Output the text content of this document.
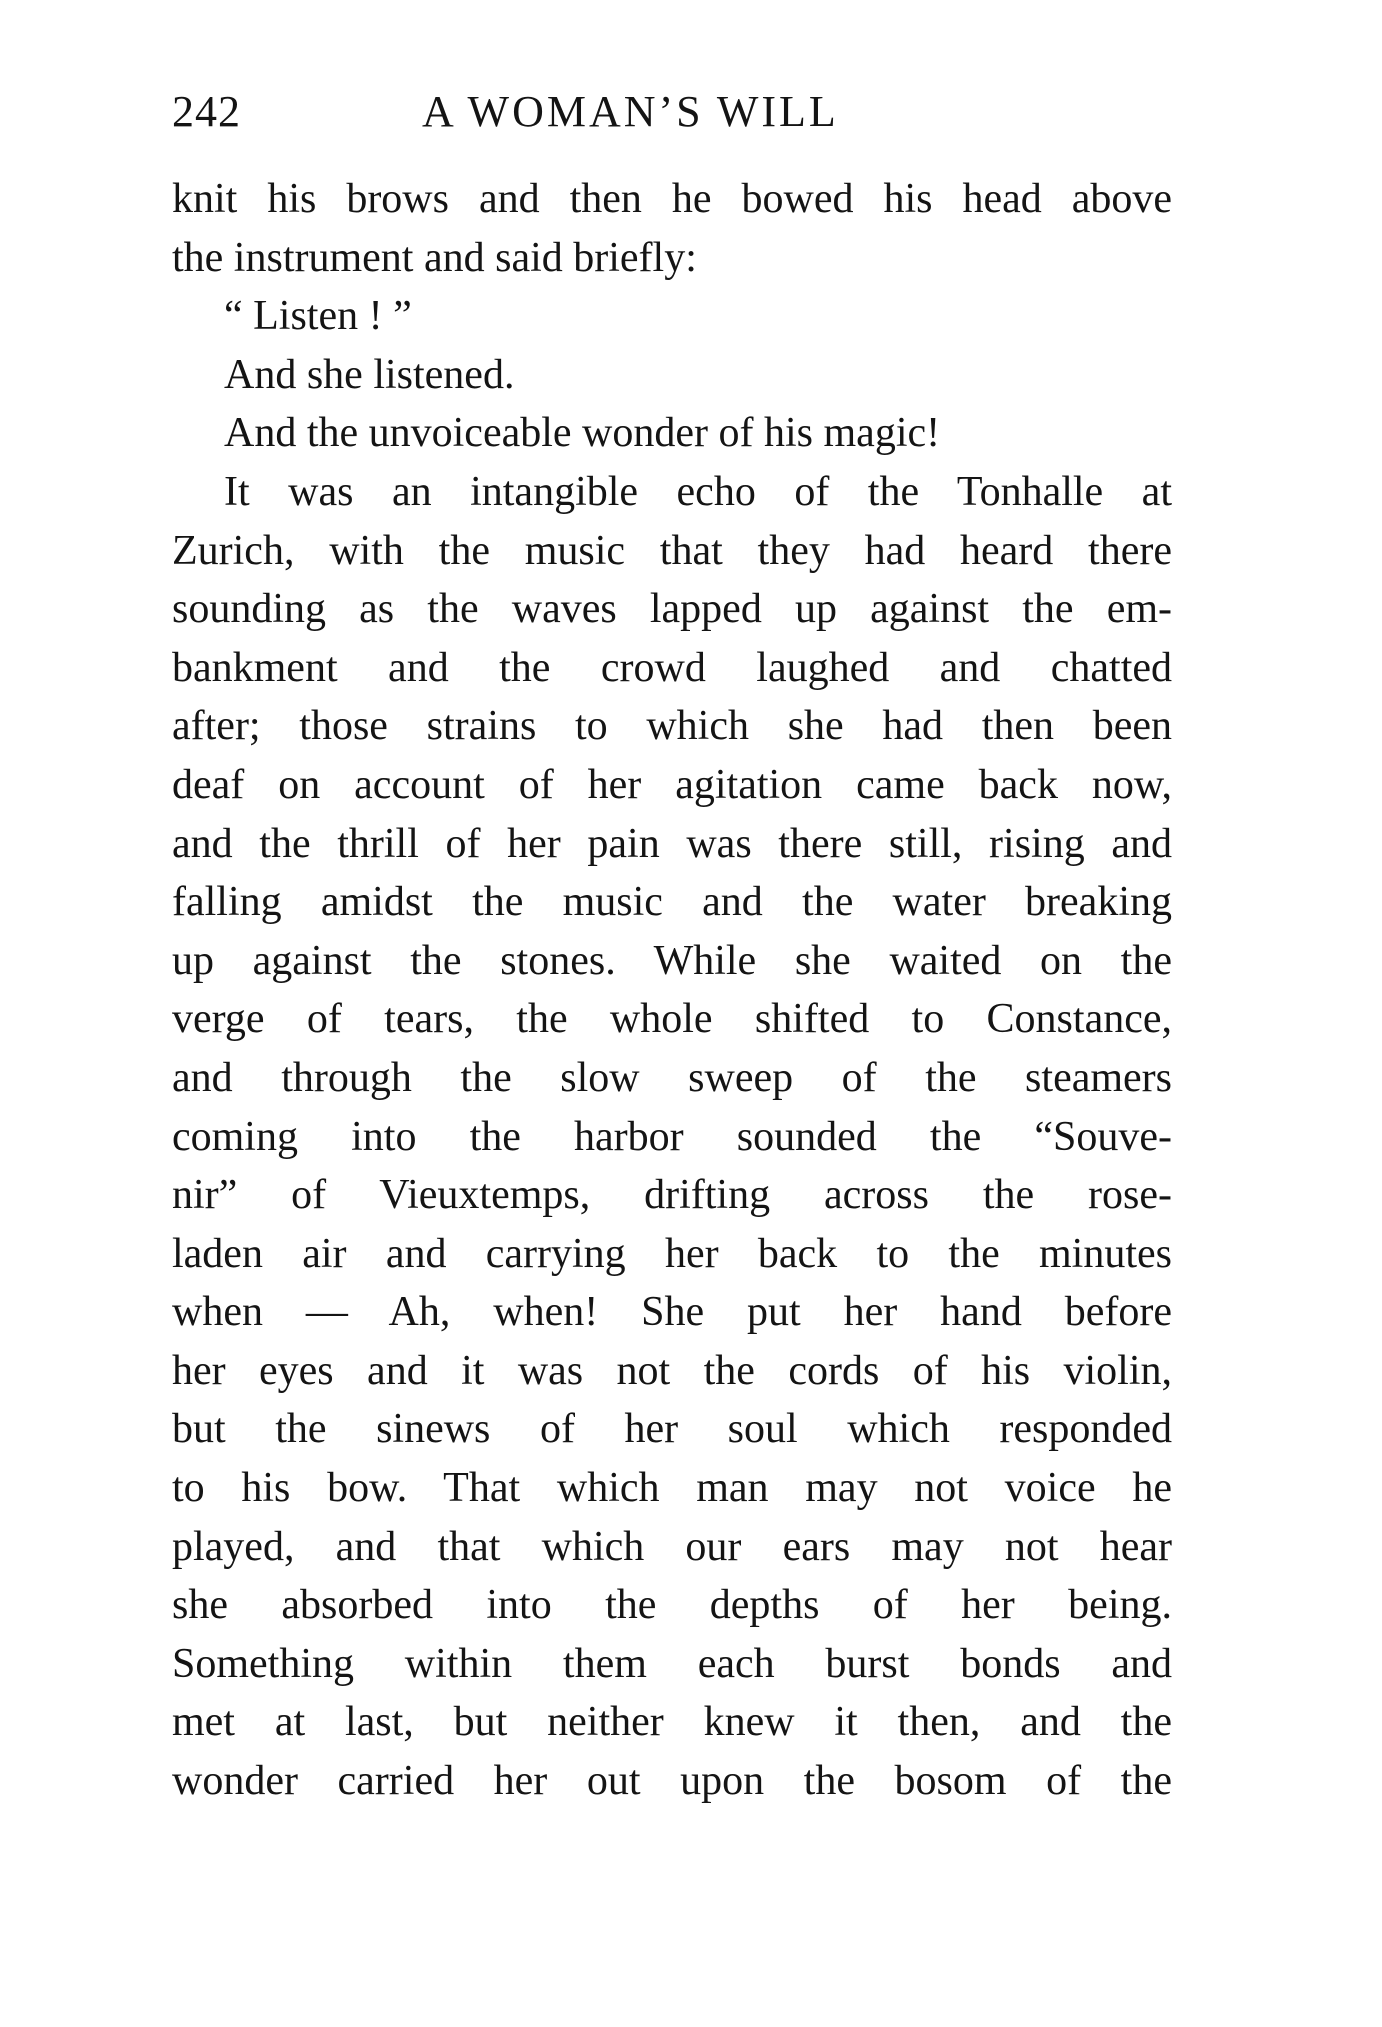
242	A WOMAN’S WILL
knit his brows and then he bowed his head above
the instrument and said briefly:
“ Listen ! ”
And she listened.
And the unvoiceable wonder of his magic!
It was an intangible echo of the Tonhalle at
Zurich, with the music that they had heard there
sounding as the waves lapped up against the em-
bankment and the crowd laughed and chatted
after; those strains to which she had then been
deaf on account of her agitation came back now,
and the thrill of her pain was there still, rising and
falling amidst the music and the water breaking
up against the stones. While she waited on the
verge of tears, the whole shifted to Constance,
and through the slow sweep of the steamers
coming into the harbor sounded the “Souve-
nir” of Vieuxtemps, drifting across the rose-
laden air and carrying her back to the minutes
when — Ah, when! She put her hand before
her eyes and it was not the cords of his violin,
but the sinews of her soul which responded
to his bow. That which man may not voice he
played, and that which our ears may not hear
she absorbed into the depths of her being.
Something within them each burst bonds and
met at last, but neither knew it then, and the
wonder carried her out upon the bosom of the
